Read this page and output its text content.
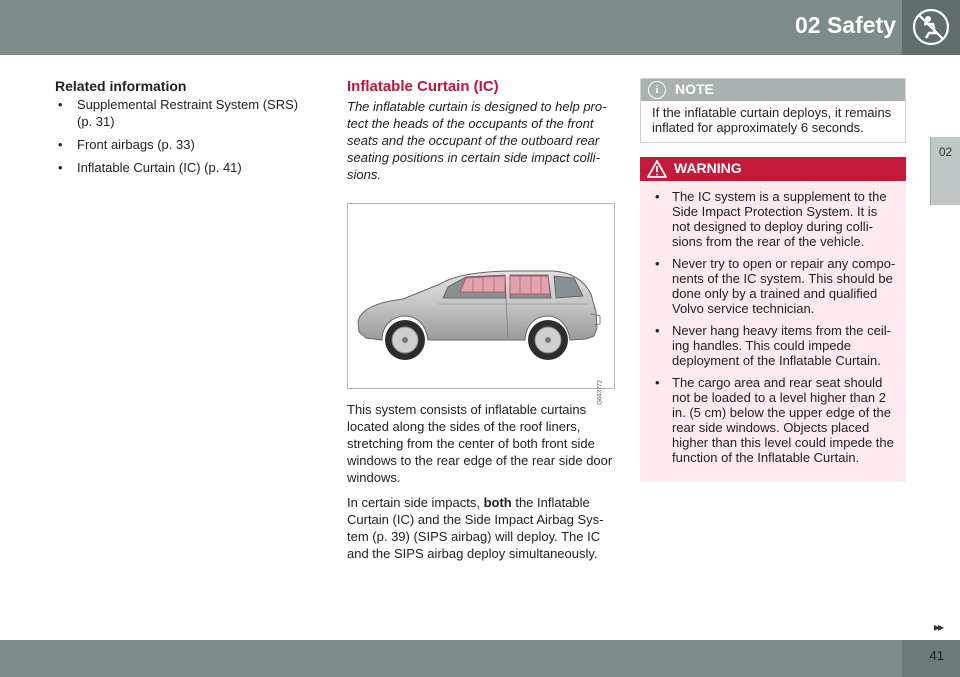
02 Safety
02
Related information
• Supplemental Restraint System (SRS) (p. 31)
• Front airbags (p. 33)
• Inflatable Curtain (IC) (p. 41)
Inflatable Curtain (IC)
The inflatable curtain is designed to help pro-tect the heads of the occupants of the front seats and the occupant of the outboard rear seating positions in certain side impact colli-sions.
G043772

This system consists of inflatable curtains located along the sides of the roof liners, stretching from the center of both front side windows to the rear edge of the rear side door windows.

In certain side impacts, both the Inflatable Curtain (IC) and the Side Impact Airbag Sys-tem (p. 39) (SIPS airbag) will deploy. The IC and the SIPS airbag deploy simultaneously.

i	NOTE
If the inflatable curtain deploys, it remains inflated for approximately 6 seconds.
WARNING
• The IC system is a supplement to the Side Impact Protection System. It is not designed to deploy during colli-sions from the rear of the vehicle.
• Never try to open or repair any compo-nents of the IC system. This should be done only by a trained and qualified Volvo service technician.
• Never hang heavy items from the ceil-ing handles. This could impede deployment of the Inflatable Curtain.
• The cargo area and rear seat should not be loaded to a level higher than 2 in. (5 cm) below the upper edge of the rear side windows. Objects placed higher than this level could impede the function of the Inflatable Curtain.
▸▸
41
